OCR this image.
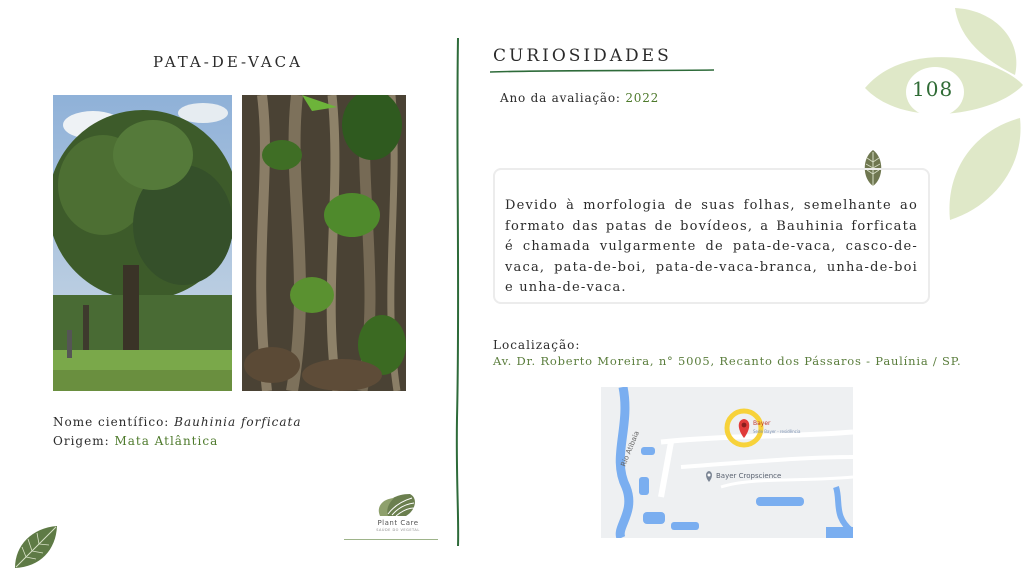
108
PATA-DE-VACA
Nome científico: Bauhinia forficata
Origem: Mata Atlântica
CURIOSIDADES
Ano da avaliação: 2022
Devido à morfologia de suas folhas, semelhante ao formato das patas de bovídeos, a Bauhinia forficata é chamada vulgarmente de pata-de-vaca, casco-de-vaca, pata-de-boi, pata-de-vaca-branca, unha-de-boi e unha-de-vaca.
Localização:
Av. Dr. Roberto Moreira, n° 5005, Recanto dos Pássaros - Paulínia / SP.
Rio Atibaia
Bayer
Sede Bayer - residência
Bayer Cropscience
Plant Care
SAÚDE DO VEGETAL
